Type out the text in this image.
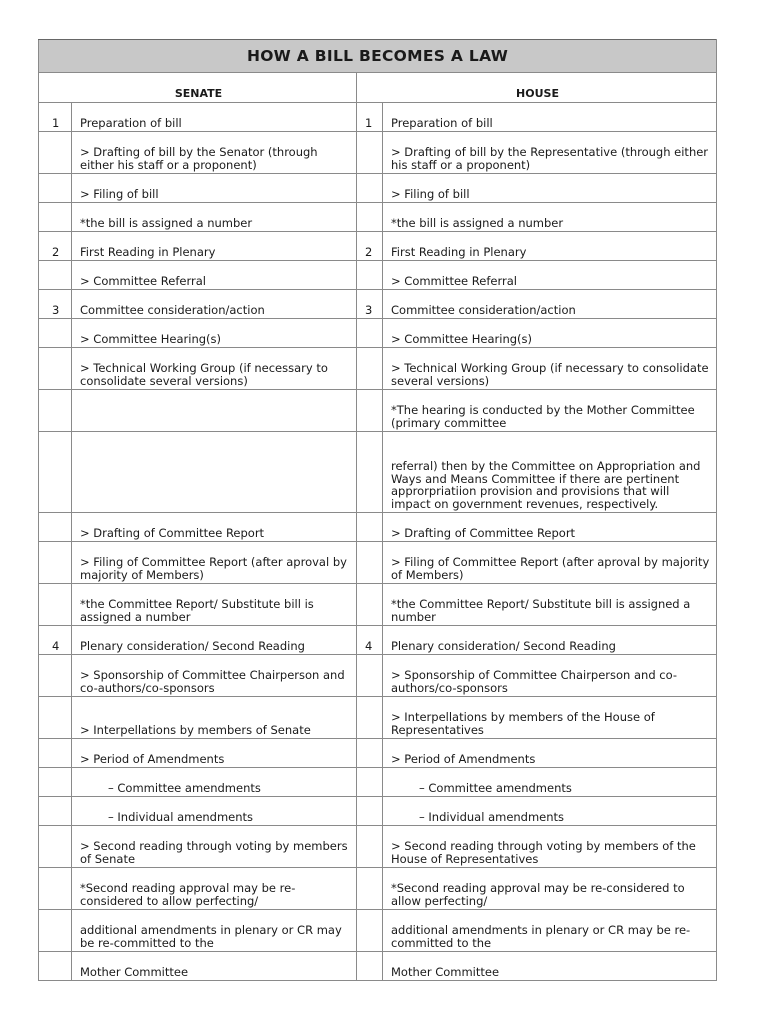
HOW A BILL BECOMES A LAW			
SENATE		HOUSE	
1	Preparation of bill	1	Preparation of bill
	> Drafting of bill by the Senator (through either his staff or a proponent)		> Drafting of bill by the Representative (through either his staff or a proponent)
	> Filing of bill		> Filing of bill
	*the bill is assigned a number		*the bill is assigned a number
2	First Reading in Plenary	2	First Reading in Plenary
	> Committee Referral		> Committee Referral
3	Committee consideration/action	3	Committee consideration/action
	> Committee Hearing(s)		> Committee Hearing(s)
	> Technical Working Group (if necessary to consolidate several versions)		> Technical Working Group (if necessary to consolidate several versions)
			*The hearing is conducted by the Mother Committee (primary committee
			referral) then by the Committee on Appropriation and Ways and Means Committee if there are pertinent approrpriatiion provision and provisions that will impact on government revenues, respectively.
	> Drafting of Committee Report		> Drafting of Committee Report
	> Filing of Committee Report (after aproval by majority of Members)		> Filing of Committee Report (after aproval by majority of Members)
	*the Committee Report/ Substitute bill is assigned a number		*the Committee Report/ Substitute bill is assigned a number
4	Plenary consideration/ Second Reading	4	Plenary consideration/ Second Reading
	> Sponsorship of Committee Chairperson and co-authors/co-sponsors		> Sponsorship of Committee Chairperson and co-authors/co-sponsors
	> Interpellations by members of Senate		> Interpellations by members of the House of Representatives
	> Period of Amendments		> Period of Amendments
	– Committee amendments		– Committee amendments
	– Individual amendments		– Individual amendments
	> Second reading through voting by members of Senate		> Second reading through voting by members of the House of Representatives
	*Second reading approval may be re-considered to allow perfecting/		*Second reading approval may be re-considered to allow perfecting/
	additional amendments in plenary or CR may be re-committed to the		additional amendments in plenary or CR may be re-committed to the
	Mother Committee		Mother Committee
